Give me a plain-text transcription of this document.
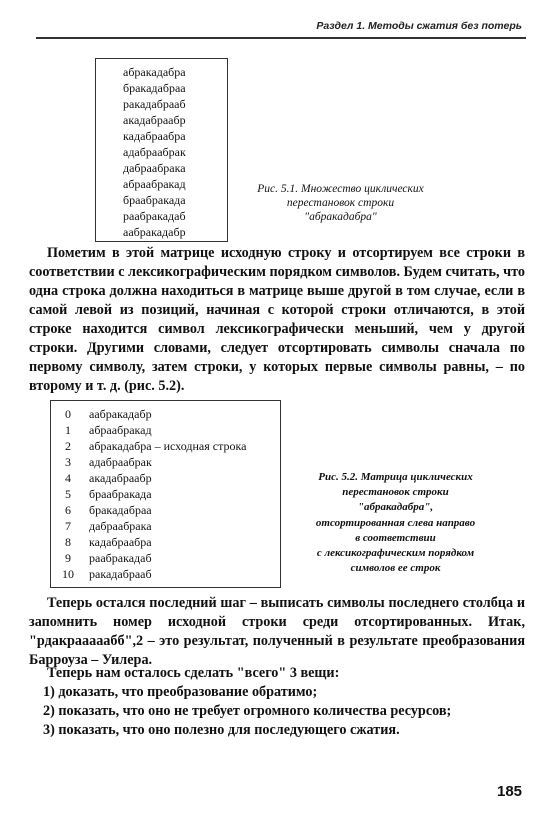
Раздел 1. Методы сжатия без потерь
абракадабра
бракадабраа
ракадабрааб
акадабраабр
кадабраабра
адабраабрак
дабраабрака
абраабракад
браабракада
раабракадаб
аабракадабр
Рис. 5.1. Множество циклических
перестановок строки
"абракадабра"

Пометим в этой матрице исходную строку и отсортируем все строки в соответствии с лексикографическим порядком символов. Будем считать, что одна строка должна находиться в матрице выше другой в том случае, если в самой левой из позиций, начиная с которой строки отличаются, в этой строке находится символ лексикографически меньший, чем у другой строки. Другими словами, следует отсортировать символы сначала по первому символу, затем строки, у которых первые символы равны, – по второму и т. д. (рис. 5.2).

0	аабракадабр
1	абраабракад
2	абракадабра – исходная строка
3	адабраабрак
4	акадабраабр
5	браабракада
6	бракадабраа
7	дабраабрака
8	кадабраабра
9	раабракадаб
10	ракадабрааб
Рис. 5.2. Матрица циклических
перестановок строки
"абракадабра",
отсортированная слева направо
в соответствии
с лексикографическим порядком
символов ее строк

Теперь остался последний шаг – выписать символы последнего столбца и запомнить номер исходной строки среди отсортированных. Итак, "рдакрааааабб",2 – это результат, полученный в результате преобразования Барроуза – Уилера.

Теперь нам осталось сделать "всего" 3 вещи:

1) доказать, что преобразование обратимо;

2) показать, что оно не требует огромного количества ресурсов;

3) показать, что оно полезно для последующего сжатия.

185
